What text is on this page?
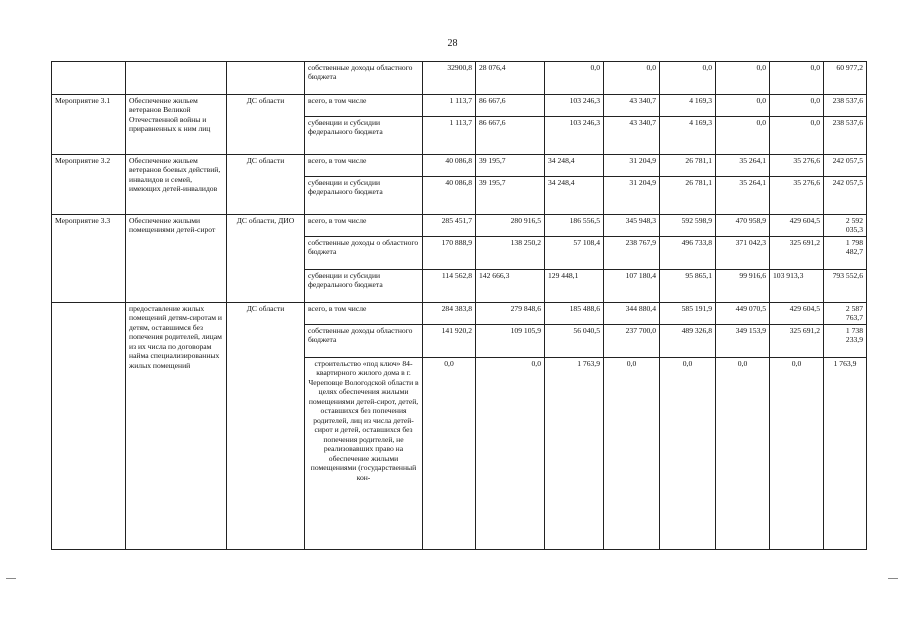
28
			собственные доходы областного бюджета	32900,8	28 076,4	0,0	0,0	0,0	0,0	0,0	60 977,2
Мероприятие 3.1	Обеспечение жильем ветеранов Великой Отечественной войны и приравненных к ним лиц	ДС области	всего, в том числе	1 113,7	86 667,6	103 246,3	43 340,7	4 169,3	0,0	0,0	238 537,6
			субвенции и субсидии федерального бюджета	1 113,7	86 667,6	103 246,3	43 340,7	4 169,3	0,0	0,0	238 537,6
Мероприятие 3.2	Обеспечение жильем ветеранов боевых действий, инвалидов и семей, имеющих детей-инвалидов	ДС области	всего, в том числе	40 086,8	39 195,7	34 248,4	31 204,9	26 781,1	35 264,1	35 276,6	242 057,5
			субвенции и субсидии федерального бюджета	40 086,8	39 195,7	34 248,4	31 204,9	26 781,1	35 264,1	35 276,6	242 057,5
Мероприятие 3.3	Обеспечение жилыми помещениями детей-сирот	ДС области, ДИО	всего, в том числе	285 451,7	280 916,5	186 556,5	345 948,3	592 598,9	470 958,9	429 604,5	2 592 035,3
			собственные доходы о областного бюджета	170 888,9	138 250,2	57 108,4	238 767,9	496 733,8	371 042,3	325 691,2	1 798 482,7
			субвенции и субсидии федерального бюджета	114 562,8	142 666,3	129 448,1	107 180,4	95 865,1	99 916,6	103 913,3	793 552,6
	предоставление жилых помещений детям-сиротам и детям, оставшимся без попечения родителей, лицам из их числа по договорам найма специализированных жилых помещений	ДС области	всего, в том числе	284 383,8	279 848,6	185 488,6	344 880,4	585 191,9	449 070,5	429 604,5	2 587 763,7
			собственные доходы областного бюджета	141 920,2	109 105,9	56 040,5	237 700,0	489 326,8	349 153,9	325 691,2	1 738 233,9
			строительство «под ключ» 84-квартирного жилого дома в г. Череповце Вологодской области в целях обеспечения жилыми помещениями детей-сирот, детей, оставшихся без попечения родителей, лиц из числа детей-сирот и детей, оставшихся без попечения родителей, не реализовавших право на обеспечение жилыми помещениями (государственный кон-	0,0	0,0	1 763,9	0,0	0,0	0,0	0,0	1 763,9
